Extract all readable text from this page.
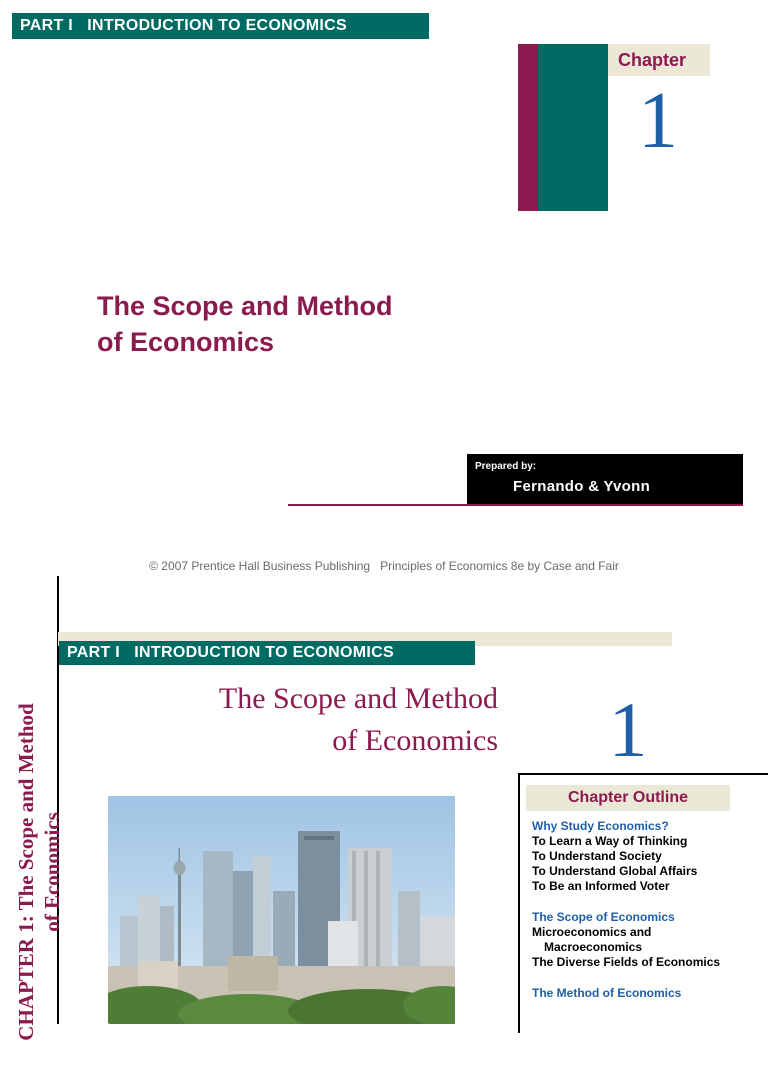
PART I   INTRODUCTION TO ECONOMICS
Chapter
1
The Scope and Method
of Economics
Prepared by:
Fernando & Yvonn
© 2007 Prentice Hall Business Publishing   Principles of Economics 8e by Case and Fair
PART I   INTRODUCTION TO ECONOMICS
The Scope and Method
of Economics 1
CHAPTER 1: The Scope and Method of Economics
Chapter Outline

Why Study Economics?

To Learn a Way of Thinking

To Understand Society

To Understand Global Affairs

To Be an Informed Voter

The Scope of Economics

Microeconomics and

Macroeconomics

The Diverse Fields of Economics

The Method of Economics
